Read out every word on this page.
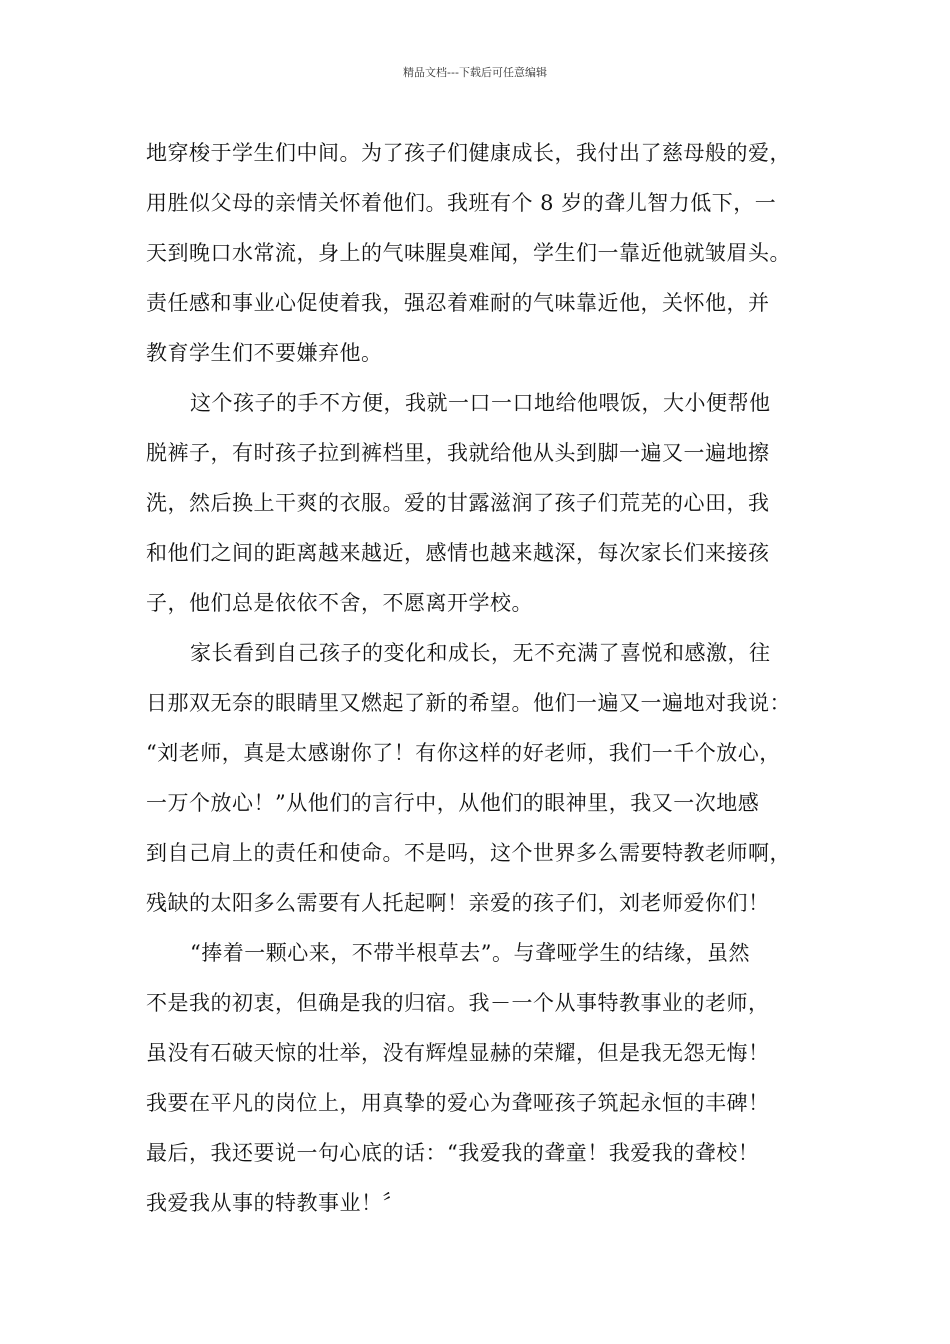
精品文档---下载后可任意编辑
地穿梭于学生们中间。为了孩子们健康成长，我付出了慈母般的爱，
用胜似父母的亲情关怀着他们。我班有个 8 岁的聋儿智力低下，一
天到晚口水常流，身上的气味腥臭难闻，学生们一靠近他就皱眉头。
责任感和事业心促使着我，强忍着难耐的气味靠近他，关怀他，并
教育学生们不要嫌弃他。
这个孩子的手不方便，我就一口一口地给他喂饭，大小便帮他
脱裤子，有时孩子拉到裤档里，我就给他从头到脚一遍又一遍地擦
洗，然后换上干爽的衣服。爱的甘露滋润了孩子们荒芜的心田，我
和他们之间的距离越来越近，感情也越来越深，每次家长们来接孩
子，他们总是依依不舍，不愿离开学校。
家长看到自己孩子的变化和成长，无不充满了喜悦和感激，往
日那双无奈的眼睛里又燃起了新的希望。他们一遍又一遍地对我说：
“刘老师，真是太感谢你了！有你这样的好老师，我们一千个放心，
一万个放心！”从他们的言行中，从他们的眼神里，我又一次地感
到自己肩上的责任和使命。不是吗，这个世界多么需要特教老师啊，
残缺的太阳多么需要有人托起啊！亲爱的孩子们，刘老师爱你们！
“捧着一颗心来，不带半根草去”。与聋哑学生的结缘，虽然
不是我的初衷，但确是我的归宿。我－一个从事特教事业的老师，
虽没有石破天惊的壮举，没有辉煌显赫的荣耀，但是我无怨无悔！
我要在平凡的岗位上，用真挚的爱心为聋哑孩子筑起永恒的丰碑！
最后，我还要说一句心底的话：“我爱我的聋童！我爱我的聋校！
我爱我从事的特教事业！〞
